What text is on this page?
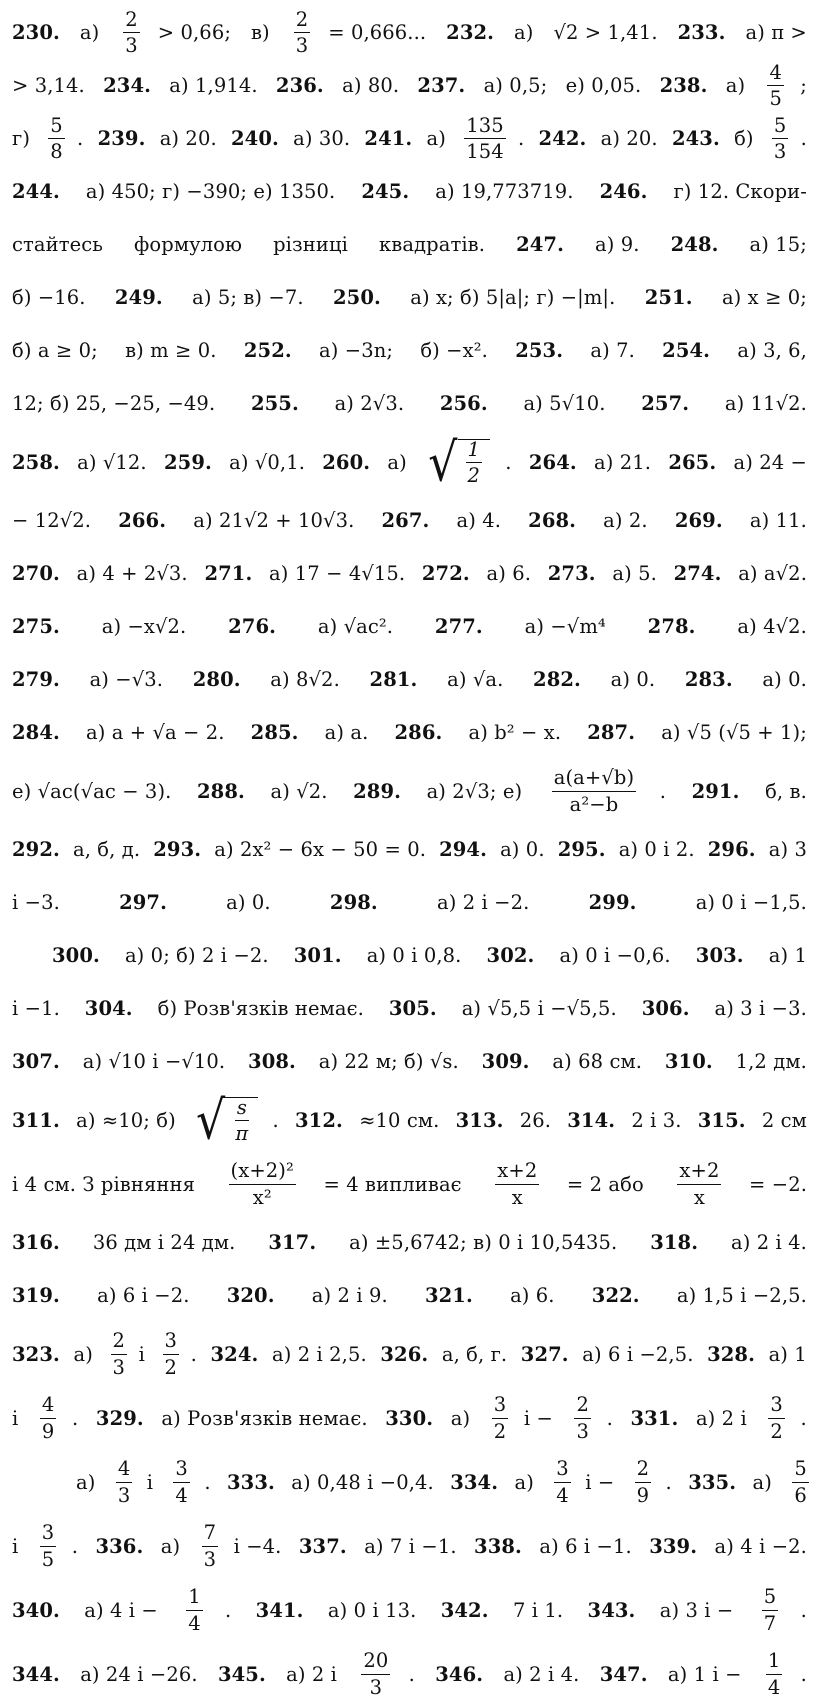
230. $а) \frac{2}{3} > 0,66$; $в) \frac{2}{3} = 0,666$... 232. а) √2 > 1,41. 233. а) π >
> 3,14. 234. а) 1,914. 236. а) 80. 237. а) 0,5; е) 0,05. 238. $а) \frac{4}{5}$ ;
$г) \frac{5}{8}$ . 239. а) 20. 240. а) 30. 241. $а) \frac{135}{154}$ . 242. а) 20. 243. $б) \frac{5}{3}$ .
244. а) 450; г) −390; е) 1350. 245. а) 19,773719. 246. г) 12. Скори-
стайтесь формулою різниці квадратів. 247. а) 9. 248. а) 15;
б) −16. 249. а) 5; в) −7. 250. а) x; б) 5|a|; г) −|m|. 251. а) x ≥ 0;
б) a ≥ 0; в) m ≥ 0. 252. а) −3n; б) −x². 253. а) 7. 254. а) 3, 6,
12; б) 25, −25, −49. 255. а) 2√3. 256. а) 5√10. 257. а) 11√2.
258. а) √12. 259. а) √0,1. 260. а) √ $\frac{1}{2}$ . 264. а) 21. 265. а) 24 −
− 12√2. 266. а) 21√2 + 10√3. 267. а) 4. 268. а) 2. 269. а) 11.
270. а) 4 + 2√3. 271. а) 17 − 4√15. 272. а) 6. 273. а) 5. 274. а) a√2.
275. а) −x√2. 276. а) √ac². 277. а) −√m⁴ 278. а) 4√2.
279. а) −√3. 280. а) 8√2. 281. а) √a. 282. а) 0. 283. а) 0.
284. а) a + √a − 2. 285. а) a. 286. а) b² − x. 287. а) √5 (√5 + 1);
е) √ac(√ac − 3). 288. а) √2. 289. а) 2√3; $е) \frac{a(a+√b)}{\text{a²−b}}$ . 291. б, в.
292. а, б, д. 293. а) 2x² − 6x − 50 = 0. 294. а) 0. 295. а) 0 і 2. 296. а) 3
і −3.	297.	а) 0.	298.	а) 2 і −2.	299.	а) 0 і −1,5.
300. а) 0; б) 2 і −2. 301. а) 0 і 0,8. 302. а) 0 і −0,6. 303. а) 1
і −1. 304. б) Розв'язків немає. 305. а) √5,5 і −√5,5. 306. а) 3 і −3.
307. а) √10 і −√10. 308. а) 22 м; б) √s. 309. а) 68 см. 310. 1,2 дм.
311. а) ≈10; б) √ $\frac{s}{\pi}$ . 312. ≈10 см. 313. 26. 314. 2 і 3. 315. 2 см
і 4 см. З рівняння $\frac{\text{(x+2)²}}{\text{x²}} = 4$ випливає $\frac{x+2}{x} = 2$ або $\frac{x+2}{x} = -2$.
316. 36 дм і 24 дм. 317. а) ±5,6742; в) 0 і 10,5435. 318. а) 2 і 4.
319. а) 6 і −2. 320. а) 2 і 9. 321. а) 6. 322. а) 1,5 і −2,5.
323. $а) \frac{2}{3}$ і $\frac{3}{2}$ . 324. а) 2 і 2,5. 326. а, б, г. 327. а) 6 і −2,5. 328. а) 1
і $\frac{4}{9}$ . 329. а) Розв'язків немає. 330. $а) \frac{3}{2}$ $і - \frac{2}{3}$ . 331. а) 2 і $\frac{3}{2}$ .
$а) \frac{4}{3}$ і $\frac{3}{4}$ . 333. а) 0,48 і −0,4. 334. $а) \frac{3}{4}$ $і - \frac{2}{9}$ . 335. $а) \frac{5}{6}$
і $\frac{3}{5}$ . 336. $а) \frac{7}{3}$ і −4. 337. а) 7 і −1. 338. а) 6 і −1. 339. а) 4 і −2.
340. а) 4 $і - \frac{1}{4}$ . 341. а) 0 і 13. 342. 7 і 1. 343. а) 3 $і - \frac{5}{7}$ .
344. а) 24 і −26. 345. а) 2 і $\frac{20}{3}$ . 346. а) 2 і 4. 347. а) 1 $і - \frac{1}{4}$ .
